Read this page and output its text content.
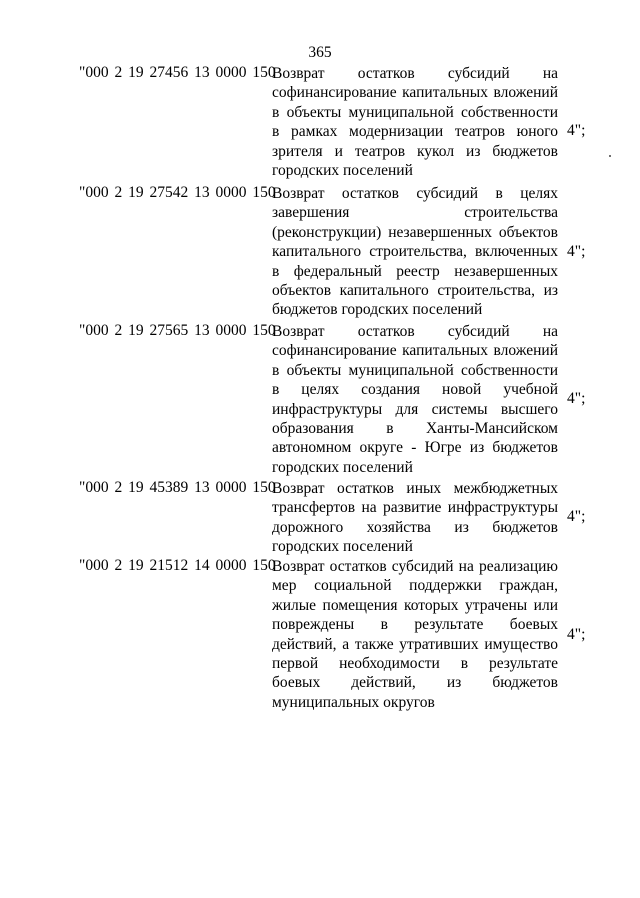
365
"000 2 19 27456 13 0000 150
Возврат остатков субсидий на софинансирование капитальных вложений в объекты муниципальной собственности в рамках модернизации театров юного зрителя и театров кукол из бюджетов городских поселений
4";
"000 2 19 27542 13 0000 150
Возврат остатков субсидий в целях завершения строительства (реконструкции) незавершенных объектов капитального строительства, включенных в федеральный реестр незавершенных объектов капитального строительства, из бюджетов городских поселений
4";
"000 2 19 27565 13 0000 150
Возврат остатков субсидий на софинансирование капитальных вложений в объекты муниципальной собственности в целях создания новой учебной инфраструктуры для системы высшего образования в Ханты-Мансийском автономном округе - Югре из бюджетов городских поселений
4";
"000 2 19 45389 13 0000 150
Возврат остатков иных межбюджетных трансфертов на развитие инфраструктуры дорожного хозяйства из бюджетов городских поселений
4";
"000 2 19 21512 14 0000 150
Возврат остатков субсидий на реализацию мер социальной поддержки граждан, жилые помещения которых утрачены или повреждены в результате боевых действий, а также утративших имущество первой необходимости в результате боевых действий, из бюджетов муниципальных округов
4";
